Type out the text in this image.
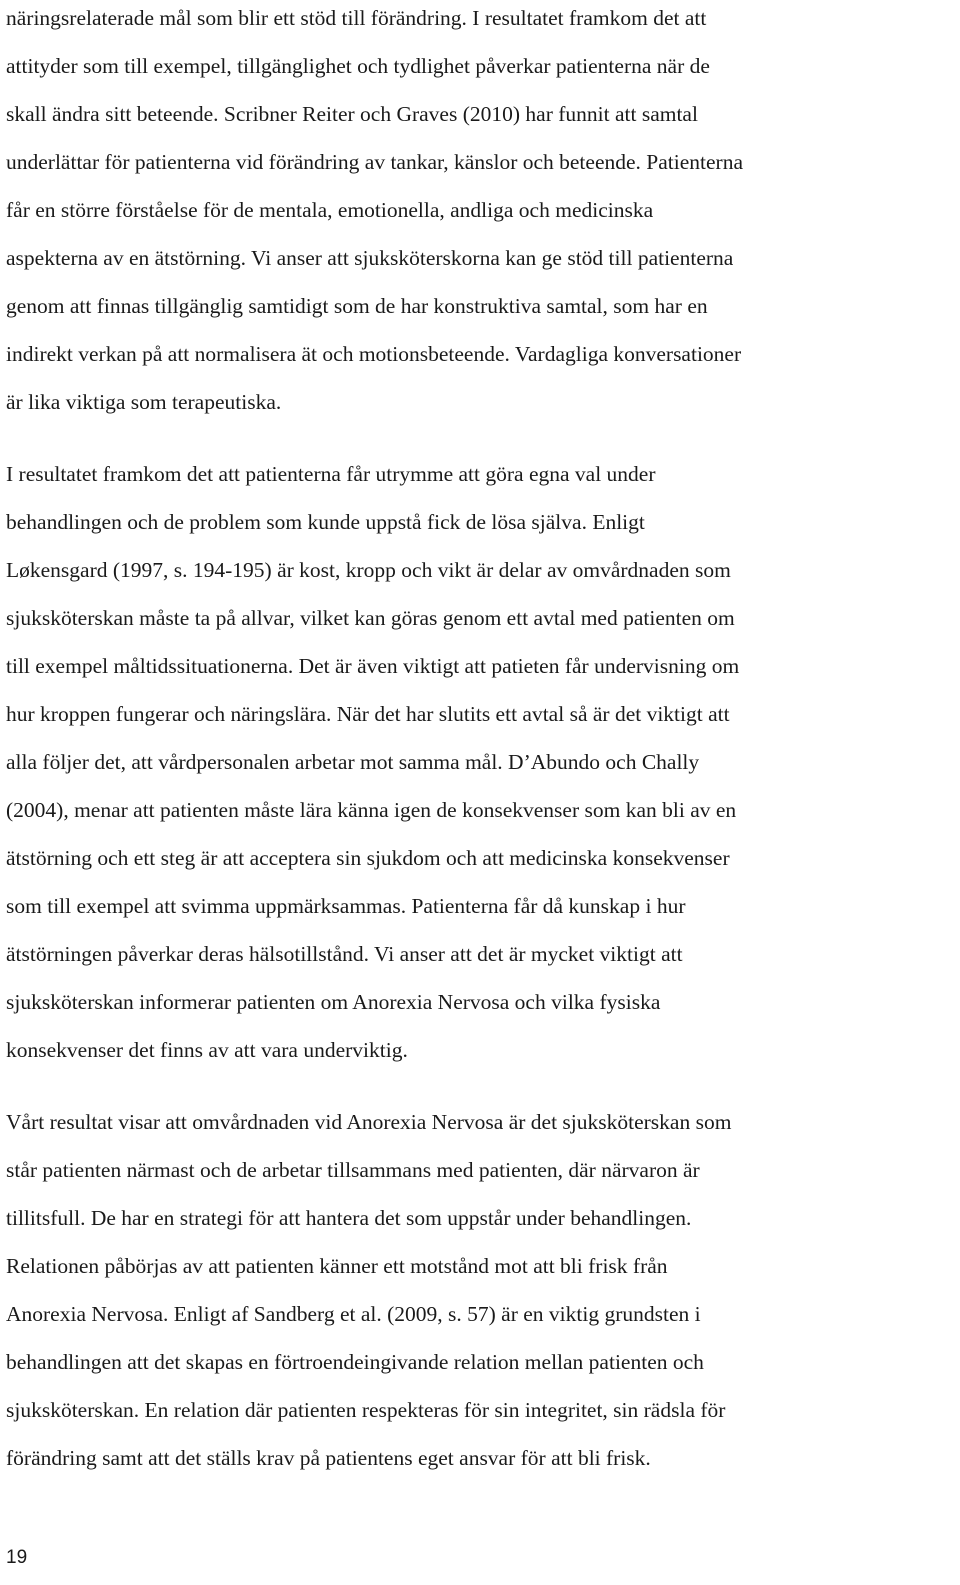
näringsrelaterade mål som blir ett stöd till förändring. I resultatet framkom det att

attityder som till exempel, tillgänglighet och tydlighet påverkar patienterna när de

skall ändra sitt beteende. Scribner Reiter och Graves (2010) har funnit att samtal

underlättar för patienterna vid förändring av tankar, känslor och beteende. Patienterna

får en större förståelse för de mentala, emotionella, andliga och medicinska

aspekterna av en ätstörning. Vi anser att sjuksköterskorna kan ge stöd till patienterna

genom att finnas tillgänglig samtidigt som de har konstruktiva samtal, som har en

indirekt verkan på att normalisera ät och motionsbeteende. Vardagliga konversationer

är lika viktiga som terapeutiska.

I resultatet framkom det att patienterna får utrymme att göra egna val under

behandlingen och de problem som kunde uppstå fick de lösa själva. Enligt

Løkensgard (1997, s. 194-195) är kost, kropp och vikt är delar av omvårdnaden som

sjuksköterskan måste ta på allvar, vilket kan göras genom ett avtal med patienten om

till exempel måltidssituationerna. Det är även viktigt att patieten får undervisning om

hur kroppen fungerar och näringslära. När det har slutits ett avtal så är det viktigt att

alla följer det, att vårdpersonalen arbetar mot samma mål. D’Abundo och Chally

(2004), menar att patienten måste lära känna igen de konsekvenser som kan bli av en

ätstörning och ett steg är att acceptera sin sjukdom och att medicinska konsekvenser

som till exempel att svimma uppmärksammas. Patienterna får då kunskap i hur

ätstörningen påverkar deras hälsotillstånd. Vi anser att det är mycket viktigt att

sjuksköterskan informerar patienten om Anorexia Nervosa och vilka fysiska

konsekvenser det finns av att vara underviktig.

Vårt resultat visar att omvårdnaden vid Anorexia Nervosa är det sjuksköterskan som

står patienten närmast och de arbetar tillsammans med patienten, där närvaron är

tillitsfull. De har en strategi för att hantera det som uppstår under behandlingen.

Relationen påbörjas av att patienten känner ett motstånd mot att bli frisk från

Anorexia Nervosa. Enligt af Sandberg et al. (2009, s. 57) är en viktig grundsten i

behandlingen att det skapas en förtroendeingivande relation mellan patienten och

sjuksköterskan. En relation där patienten respekteras för sin integritet, sin rädsla för

förändring samt att det ställs krav på patientens eget ansvar för att bli frisk.

19
